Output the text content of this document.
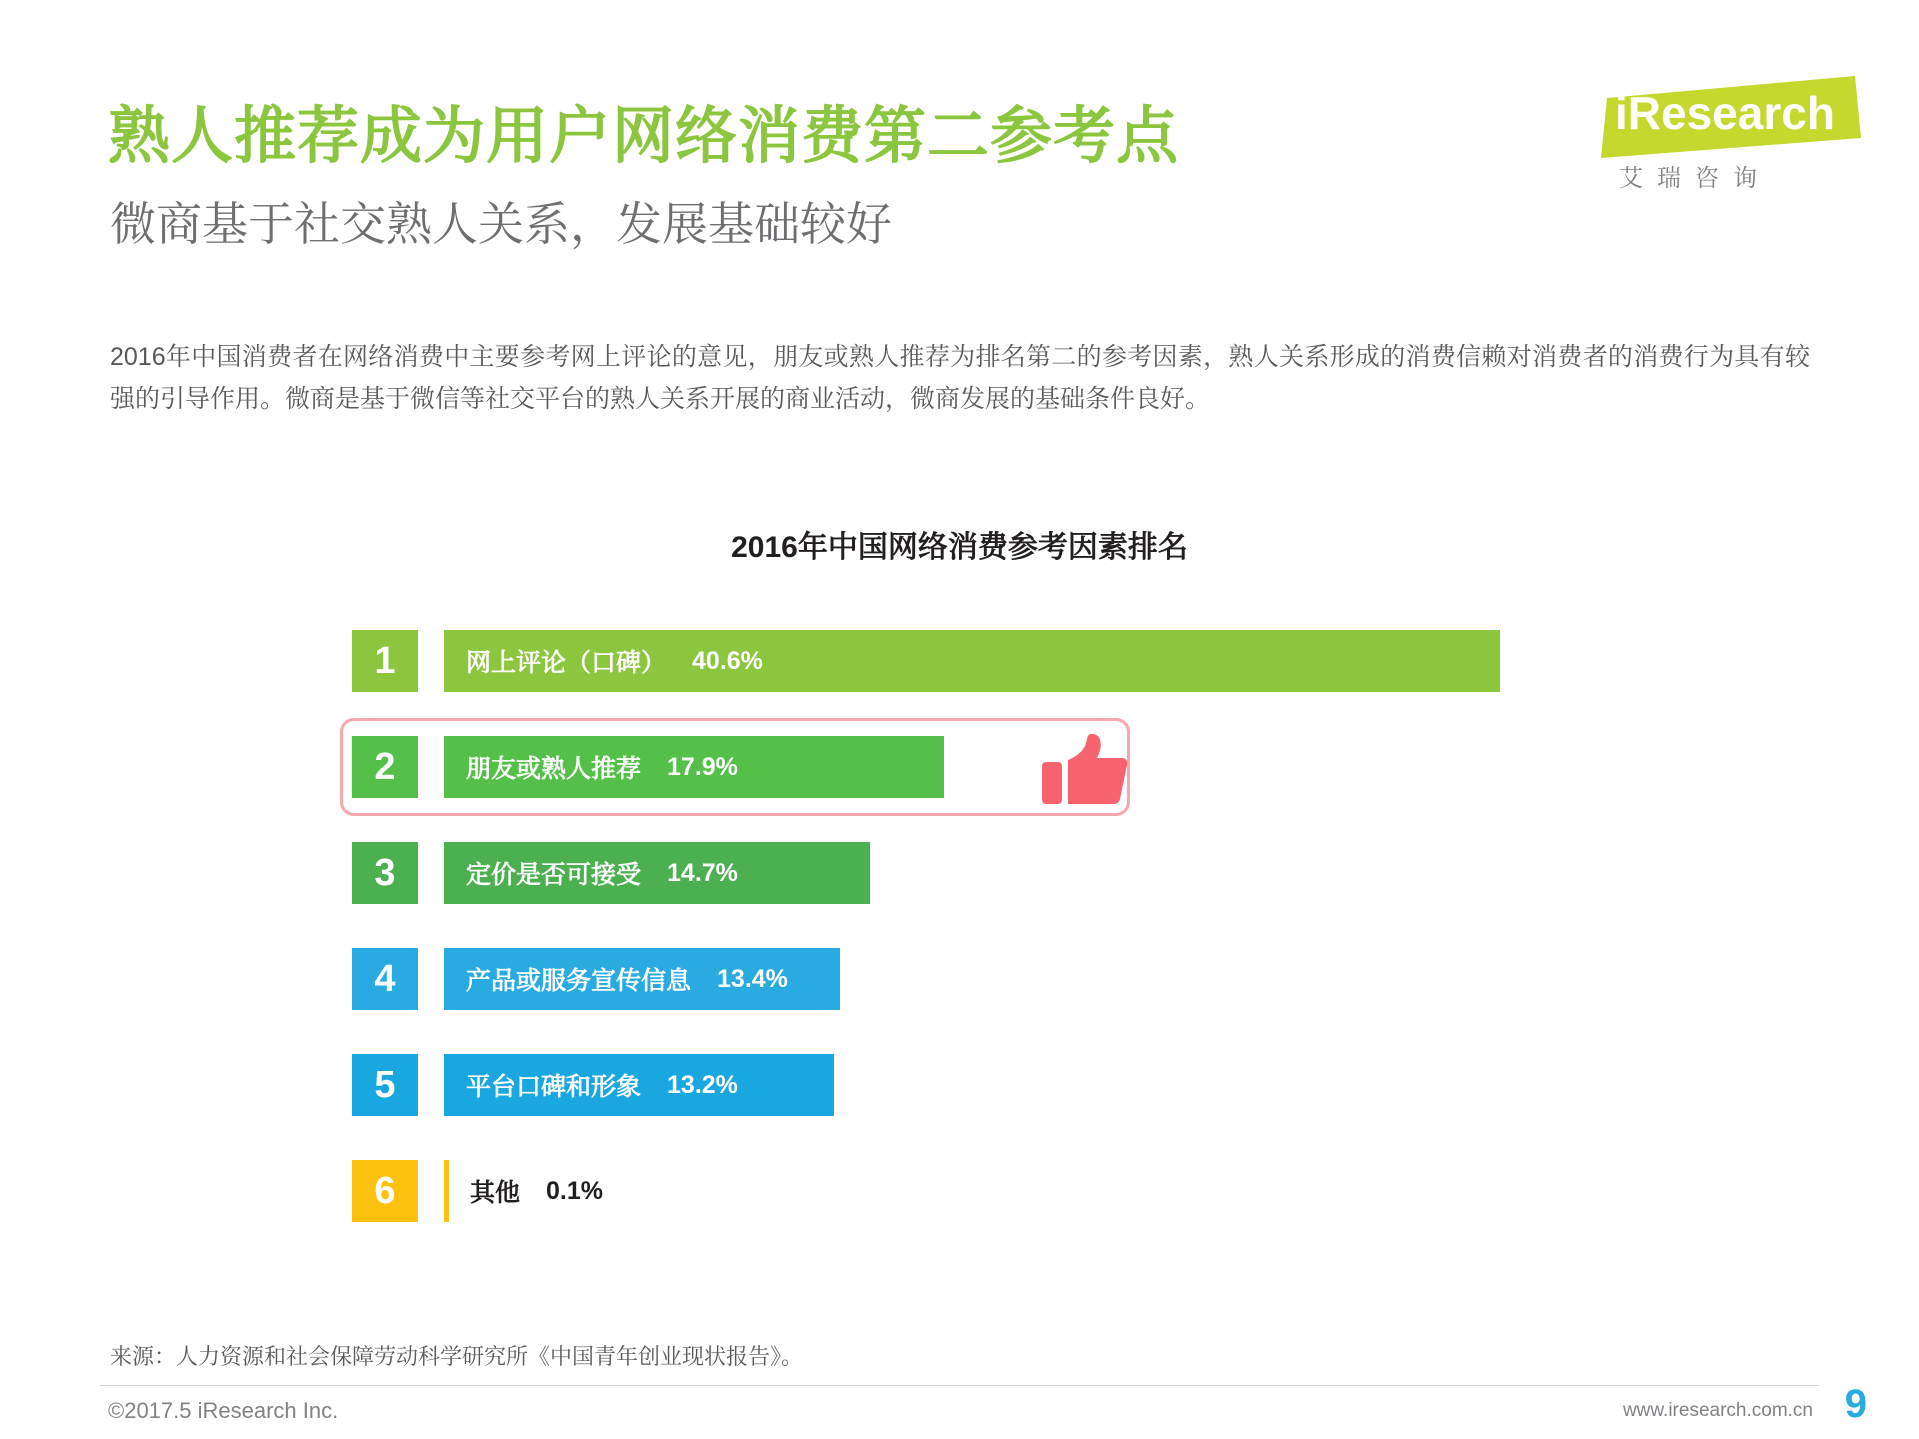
熟人推荐成为用户网络消费第二参考点
微商基于社交熟人关系，发展基础较好
2016年中国消费者在网络消费中主要参考网上评论的意见，朋友或熟人推荐为排名第二的参考因素，熟人关系形成的消费信赖对消费者的消费行为具有较强的引导作用。微商是基于微信等社交平台的熟人关系开展的商业活动，微商发展的基础条件良好。
iResearch
艾瑞咨询
2016年中国网络消费参考因素排名
1	网上评论（口碑） 40.6%
2	朋友或熟人推荐 17.9%
3	定价是否可接受 14.7%
4	产品或服务宣传信息 13.4%
5	平台口碑和形象 13.2%
6	其他 0.1%
来源：人力资源和社会保障劳动科学研究所《中国青年创业现状报告》。
©2017.5 iResearch Inc.	www.iresearch.com.cn 9
